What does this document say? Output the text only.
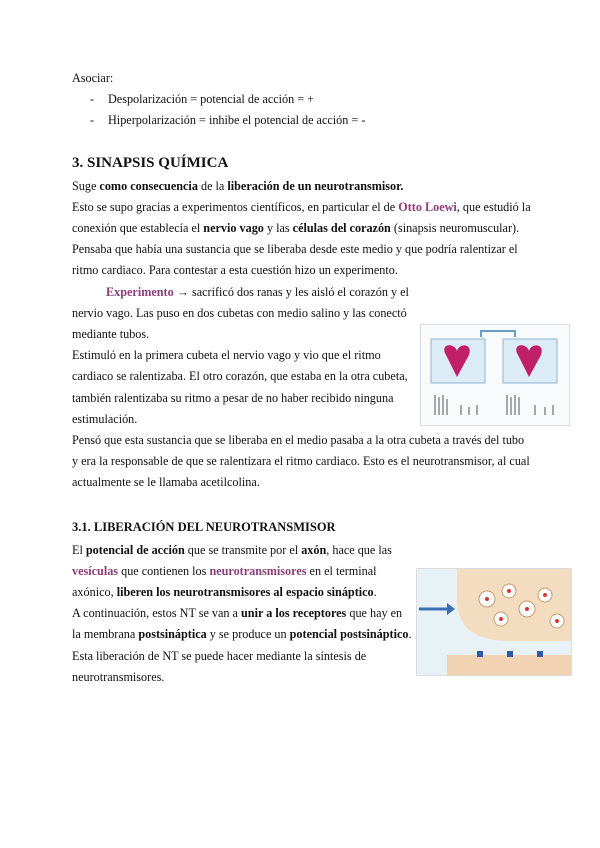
Asociar:

- Despolarización = potencial de acción = +
- Hiperpolarización = inhibe el potencial de acción = -
3. SINAPSIS QUÍMICA

Suge como consecuencia de la liberación de un neurotransmisor.

Esto se supo gracias a experimentos científicos, en particular el de Otto Loewi, que estudió la conexión que establecía el nervio vago y las células del corazón (sinapsis neuromuscular).

Pensaba que había una sustancia que se liberaba desde este medio y que podría ralentizar el ritmo cardiaco. Para contestar a esta cuestión hizo un experimento.

Experimento → sacrificó dos ranas y les aisló el corazón y el nervio vago. Las puso en dos cubetas con medio salino y las conectó mediante tubos.

Estimuló en la primera cubeta el nervio vago y vio que el ritmo cardiaco se ralentizaba. El otro corazón, que estaba en la otra cubeta, también ralentizaba su ritmo a pesar de no haber recibido ninguna estimulación.

Pensó que esta sustancia que se liberaba en el medio pasaba a la otra cubeta a través del tubo y era la responsable de que se ralentizara el ritmo cardiaco. Esto es el neurotransmisor, al cual actualmente se le llamaba acetilcolina.

3.1. LIBERACIÓN DEL NEUROTRANSMISOR

El potencial de acción que se transmite por el axón, hace que las vesículas que contienen los neurotransmisores en el terminal axónico, liberen los neurotransmisores al espacio sináptico.

A continuación, estos NT se van a unir a los receptores que hay en la membrana postsináptica y se produce un potencial postsináptico.

Esta liberación de NT se puede hacer mediante la síntesis de neurotransmisores.
